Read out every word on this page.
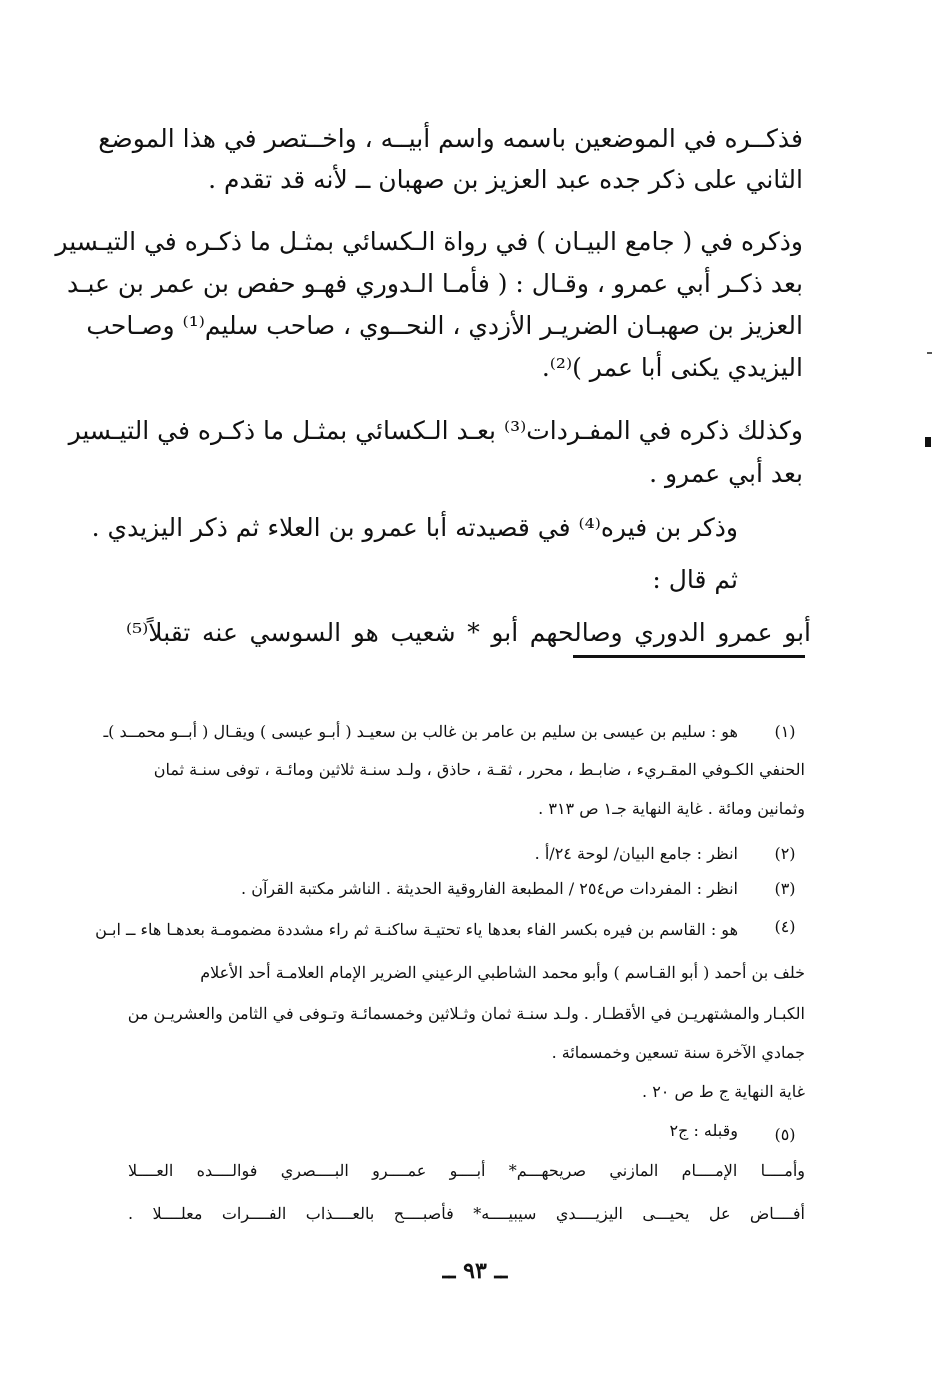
فذكــره في الموضعين باسمه واسم أبيــه ، واخــتصر في هذا الموضع
الثاني على ذكر جده عبد العزيز بن صهبان ــ لأنه قد تقدم .
وذكره في ( جامع البيـان ) في رواة الـكسائي بمثـل ما ذكـره في التيـسير
بعد ذكـر أبي عمرو ، وقـال : ( فأمـا الـدوري فهـو حفص بن عمر بن عبـد
العزيز بن صهبـان الضريـر الأزدي ، النحــوي ، صاحب سليم⁽¹⁾ وصـاحب
اليزيدي يكنى أبا عمر )⁽²⁾.
وكذلك ذكره في المفـردات⁽³⁾ بعـد الـكسائي بمثـل ما ذكـره في التيـسير
بعد أبي عمرو .
وذكر بن فيره⁽⁴⁾ في قصيدته أبا عمرو بن العلاء ثم ذكر اليزيدي .
ثم قال :
أبو عمرو الدوري وصالحهم أبو * شعيب هو السوسي عنه تقبلاً⁽⁵⁾
(١)
هو : سليم بن عيسى بن سليم بن عامر بن غالب بن سعيـد ( أبـو عيسى ) ويقـال ( أبــو محمــد )ـ
الحنفي الكـوفي المقـريء ، ضابـط ، محرر ، ثقـة ، حاذق ، ولـد سنـة ثلاثين ومائـة ، توفى سنـة ثمان
وثمانين ومائة . غاية النهاية جـ١ ص ٣١٣ .
(٢)
انظر : جامع البيان/ لوحة ٢٤/أ .
(٣)
انظر : المفردات ص٢٥٤ / المطبعة الفاروقية الحديثة . الناشر مكتبة القرآن .
(٤)
هو : القاسم بن فيره بكسر الفاء بعدها ياء تحتيـة ساكنـة ثم راء مشددة مضمومـة بعدهـا هاء ــ ابـن
خلف بن أحمد ( أبو القـاسم ) وأبو محمد الشاطبي الرعيني الضرير الإمام العلامـة أحد الأعلام
الكبـار والمشتهريـن في الأقطـار . ولـد سنـة ثمان وثـلاثين وخمسمائـة وتـوفى في الثامن والعشريـن من
جمادي الآخرة سنة تسعين وخمسمائة .
غاية النهاية ج ط ص ٢٠ .
(٥)
وقبله : ج٢
وأمــــا الإمــــام المازني صريحهـــم* أبــــو عمــــرو البــــصري فوالــــده العــــلا
أفــــاض عل يحيـــى اليزيــــدي سيبيــــه* فأصبــــح بالعــــذاب الفــــرات معلــــلا .
ــ ٩٣ ــ
